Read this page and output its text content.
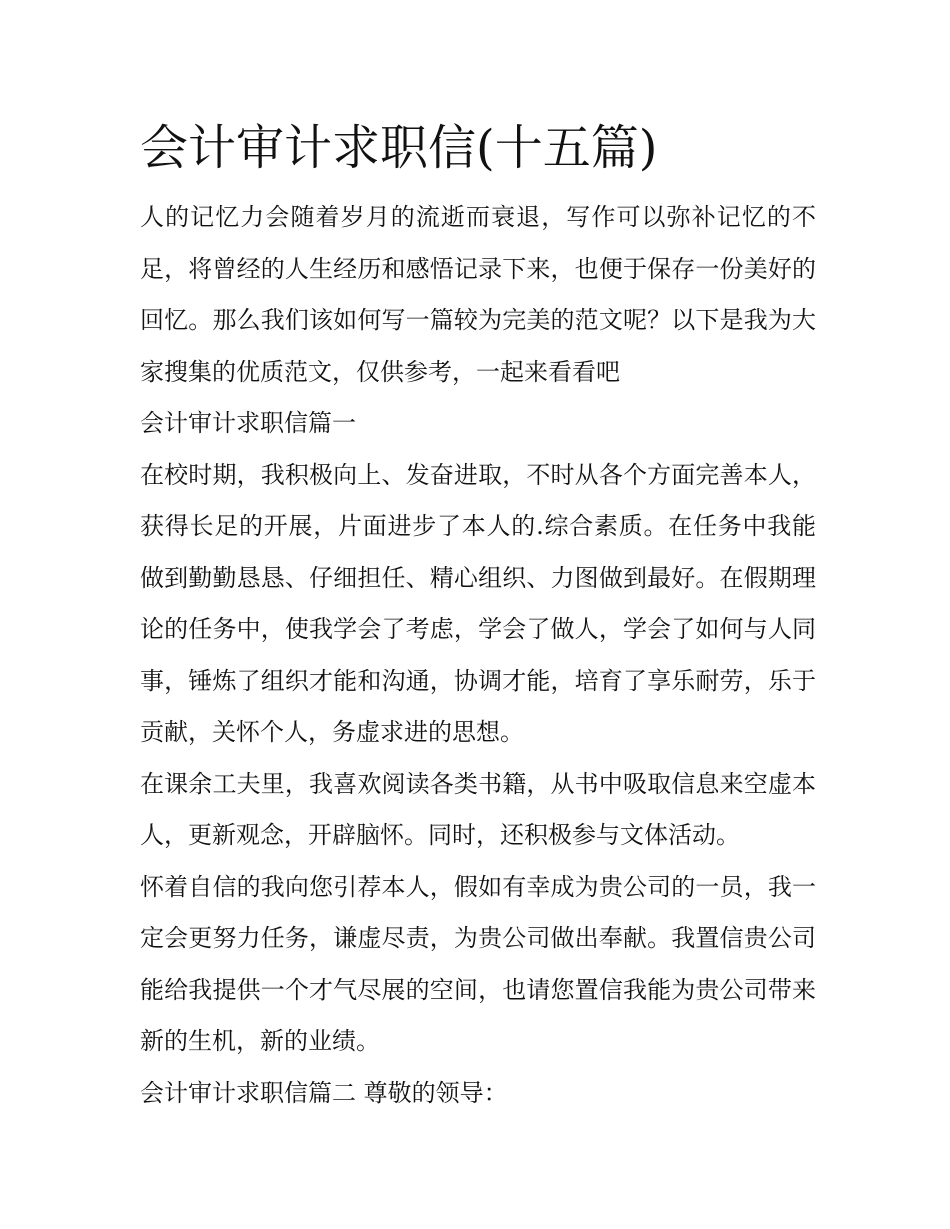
会计审计求职信(十五篇)

人的记忆力会随着岁月的流逝而衰退，写作可以弥补记忆的不足，将曾经的人生经历和感悟记录下来，也便于保存一份美好的回忆。那么我们该如何写一篇较为完美的范文呢？以下是我为大家搜集的优质范文，仅供参考，一起来看看吧

会计审计求职信篇一

在校时期，我积极向上、发奋进取，不时从各个方面完善本人，获得长足的开展，片面进步了本人的.综合素质。在任务中我能做到勤勤恳恳、仔细担任、精心组织、力图做到最好。在假期理论的任务中，使我学会了考虑，学会了做人，学会了如何与人同事，锤炼了组织才能和沟通，协调才能，培育了享乐耐劳，乐于贡献，关怀个人，务虚求进的思想。

在课余工夫里，我喜欢阅读各类书籍，从书中吸取信息来空虚本人，更新观念，开辟脑怀。同时，还积极参与文体活动。

怀着自信的我向您引荐本人，假如有幸成为贵公司的一员，我一定会更努力任务，谦虚尽责，为贵公司做出奉献。我置信贵公司能给我提供一个才气尽展的空间，也请您置信我能为贵公司带来新的生机，新的业绩。

会计审计求职信篇二 尊敬的领导：
